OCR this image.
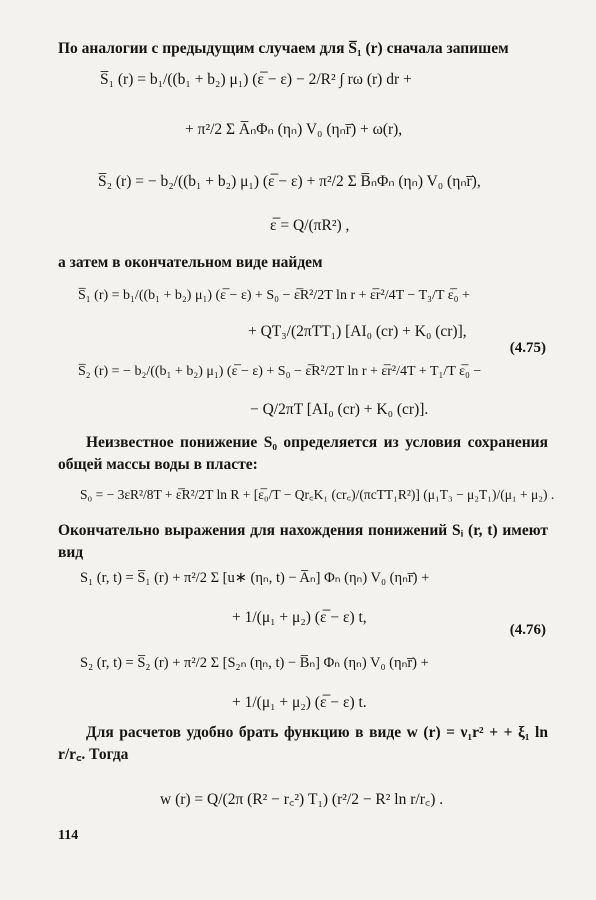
По аналогии с предыдущим случаем для S̅₁ (r) сначала запишем
S̅₁ (r) = b₁/((b₁ + b₂) μ₁) (ε̅ − ε) − 2/R² ∫ rω (r) dr +
+ π²/2 Σ A̅ₙΦₙ (ηₙ) V₀ (ηₙr̅) + ω(r),
S̅₂ (r) = − b₂/((b₁ + b₂) μ₁) (ε̅ − ε) + π²/2 Σ B̅ₙΦₙ (ηₙ) V₀ (ηₙr̅),
ε̅ = Q/(πR²) ,
а затем в окончательном виде найдем
S̅₁ (r) = b₁/((b₁ + b₂) μ₁) (ε̅ − ε) + S₀ − ε̅R²/2T ln r + ε̅r²/4T − T₃/T ε̅₀ +
+ QT₃/(2πTT₁) [AI₀ (cr) + K₀ (cr)],
(4.75)
S̅₂ (r) = − b₂/((b₁ + b₂) μ₁) (ε̅ − ε) + S₀ − ε̅R²/2T ln r + ε̅r²/4T + T₁/T ε̅₀ −
− Q/2πT [AI₀ (cr) + K₀ (cr)].
Неизвестное понижение S₀ определяется из условия сохранения общей массы воды в пласте:
S₀ = − 3εR²/8T + ε̅R²/2T ln R + [ε̅₀/T − Qr꜀K₁ (cr꜀)/(πcTT₁R²)] (μ₁T₃ − μ₂T₁)/(μ₁ + μ₂) .
Окончательно выражения для нахождения понижений Sᵢ (r, t) имеют вид
S₁ (r, t) = S̅₁ (r) + π²/2 Σ [u∗ (ηₙ, t) − A̅ₙ] Φₙ (ηₙ) V₀ (ηₙr̅) +
+ 1/(μ₁ + μ₂) (ε̅ − ε) t,
(4.76)
S₂ (r, t) = S̅₂ (r) + π²/2 Σ [S₂ₙ (ηₙ, t) − B̅ₙ] Φₙ (ηₙ) V₀ (ηₙr̅) +
+ 1/(μ₁ + μ₂) (ε̅ − ε) t.
Для расчетов удобно брать функцию в виде w (r) = ν₁r² + + ξ₁ ln r/r꜀. Тогда
w (r) = Q/(2π (R² − r꜀²) T₁) (r²/2 − R² ln r/r꜀) .
114
